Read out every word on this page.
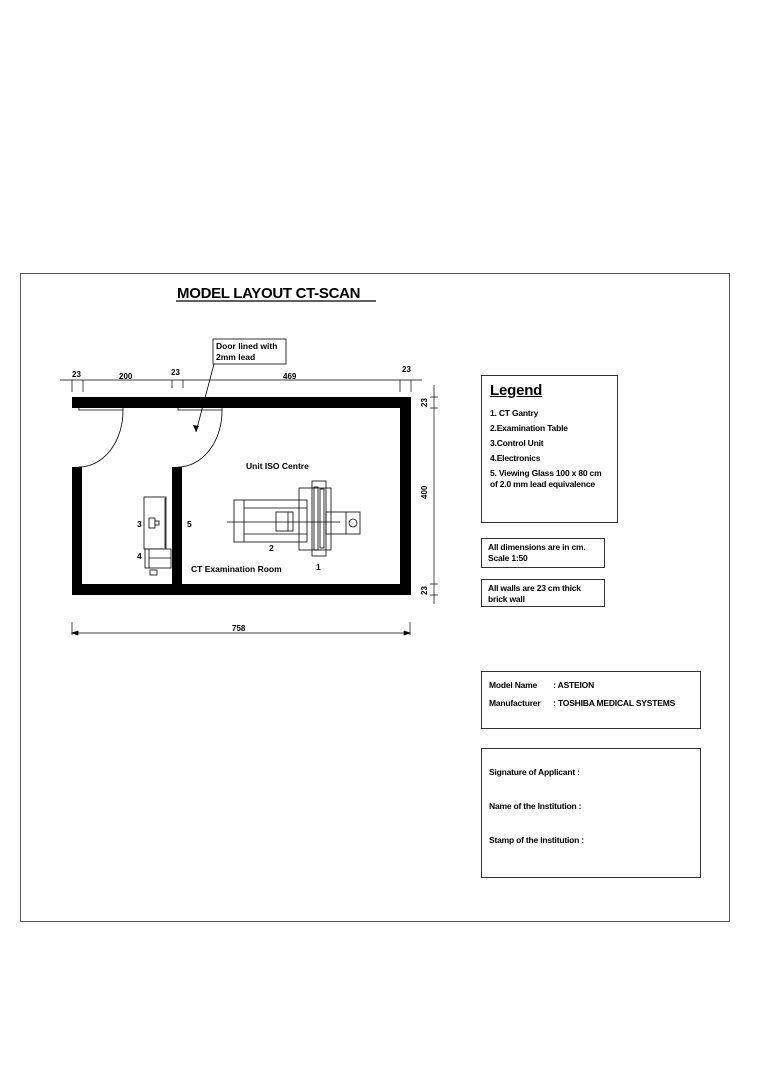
MODEL LAYOUT CT-SCAN
Door lined with
2mm lead
23	200	23	469
23
23
400
23
758
Unit ISO Centre
CT Examination Room	1
2
3
4
5
Legend
1. CT Gantry
2.Examination Table
3.Control Unit
4.Electronics
5. Viewing Glass 100 x 80 cm of 2.0 mm lead equivalence
All dimensions are in cm.
Scale 1:50
All walls are 23 cm thick
brick wall
Model Name : ASTEION
Manufacturer : TOSHIBA MEDICAL SYSTEMS
Signature of Applicant :
Name of the Institution :
Stamp of the Institution :
